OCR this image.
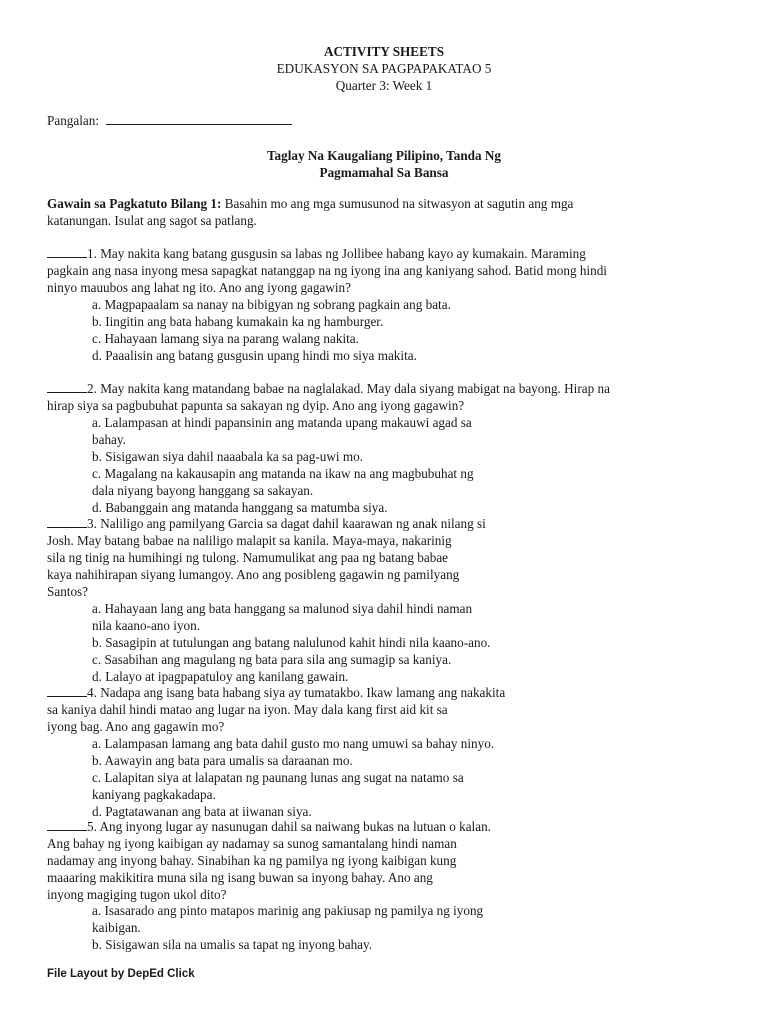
ACTIVITY SHEETS
EDUKASYON SA PAGPAPAKATAO 5
Quarter 3: Week 1
Pangalan:
Taglay Na Kaugaliang Pilipino, Tanda Ng
Pagmamahal Sa Bansa
Gawain sa Pagkatuto Bilang 1: Basahin mo ang mga sumusunod na sitwasyon at sagutin ang mga
katanungan. Isulat ang sagot sa patlang.
1. May nakita kang batang gusgusin sa labas ng Jollibee habang kayo ay kumakain. Maraming
pagkain ang nasa inyong mesa sapagkat natanggap na ng iyong ina ang kaniyang sahod. Batid mong hindi
ninyo mauubos ang lahat ng ito. Ano ang iyong gagawin?
a. Magpapaalam sa nanay na bibigyan ng sobrang pagkain ang bata.
b. Iingitin ang bata habang kumakain ka ng hamburger.
c. Hahayaan lamang siya na parang walang nakita.
d. Paaalisin ang batang gusgusin upang hindi mo siya makita.
2. May nakita kang matandang babae na naglalakad. May dala siyang mabigat na bayong. Hirap na
hirap siya sa pagbubuhat papunta sa sakayan ng dyip. Ano ang iyong gagawin?
a. Lalampasan at hindi papansinin ang matanda upang makauwi agad sa
bahay.
b. Sisigawan siya dahil naaabala ka sa pag-uwi mo.
c. Magalang na kakausapin ang matanda na ikaw na ang magbubuhat ng
dala niyang bayong hanggang sa sakayan.
d. Babanggain ang matanda hanggang sa matumba siya.
3. Naliligo ang pamilyang Garcia sa dagat dahil kaarawan ng anak nilang si
Josh. May batang babae na naliligo malapit sa kanila. Maya-maya, nakarinig
sila ng tinig na humihingi ng tulong. Namumulikat ang paa ng batang babae
kaya nahihirapan siyang lumangoy. Ano ang posibleng gagawin ng pamilyang
Santos?
a. Hahayaan lang ang bata hanggang sa malunod siya dahil hindi naman
nila kaano-ano iyon.
b. Sasagipin at tutulungan ang batang nalulunod kahit hindi nila kaano-ano.
c. Sasabihan ang magulang ng bata para sila ang sumagip sa kaniya.
d. Lalayo at ipagpapatuloy ang kanilang gawain.
4. Nadapa ang isang bata habang siya ay tumatakbo. Ikaw lamang ang nakakita
sa kaniya dahil hindi matao ang lugar na iyon. May dala kang first aid kit sa
iyong bag. Ano ang gagawin mo?
a. Lalampasan lamang ang bata dahil gusto mo nang umuwi sa bahay ninyo.
b. Aawayin ang bata para umalis sa daraanan mo.
c. Lalapitan siya at lalapatan ng paunang lunas ang sugat na natamo sa
kaniyang pagkakadapa.
d. Pagtatawanan ang bata at iiwanan siya.
5. Ang inyong lugar ay nasunugan dahil sa naiwang bukas na lutuan o kalan.
Ang bahay ng iyong kaibigan ay nadamay sa sunog samantalang hindi naman
nadamay ang inyong bahay. Sinabihan ka ng pamilya ng iyong kaibigan kung
maaaring makikitira muna sila ng isang buwan sa inyong bahay. Ano ang
inyong magiging tugon ukol dito?
a. Isasarado ang pinto matapos marinig ang pakiusap ng pamilya ng iyong
kaibigan.
b. Sisigawan sila na umalis sa tapat ng inyong bahay.
File Layout by DepEd Click
